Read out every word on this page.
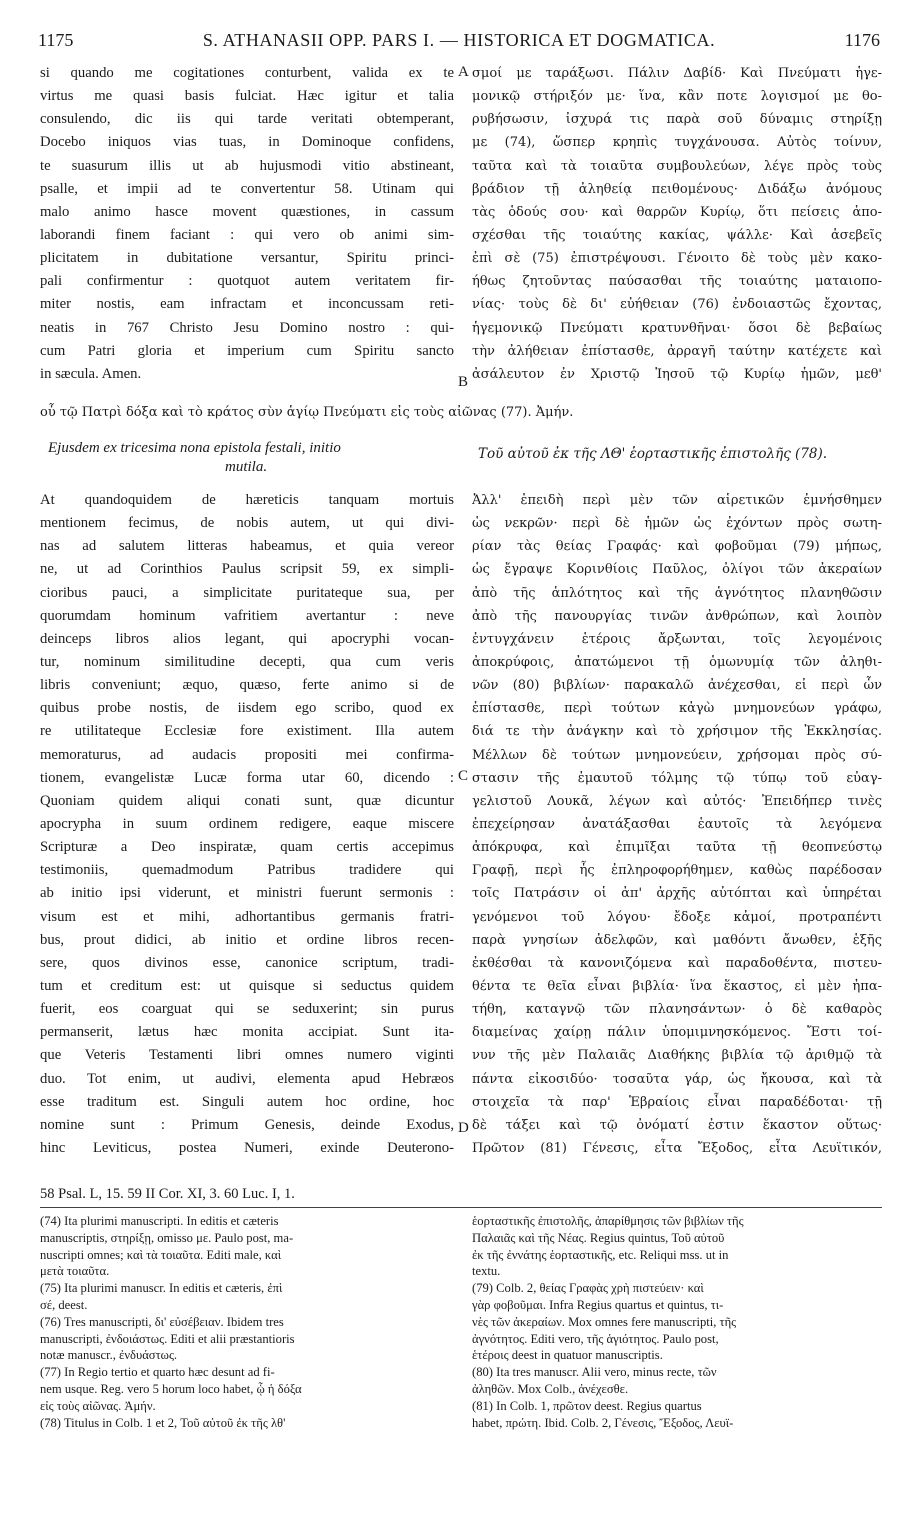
1175	S. ATHANASII OPP. PARS I. — HISTORICA ET DOGMATICA.	1176
si quando me cogitationes conturbent, valida ex te
virtus me quasi basis fulciat. Hæc igitur et talia
consulendo, dic iis qui tarde veritati obtemperant,
Docebo iniquos vias tuas, in Dominoque confidens,
te suasurum illis ut ab hujusmodi vitio abstineant,
psalle, et impii ad te convertentur 58. Utinam qui
malo animo hasce movent quæstiones, in cassum
laborandi finem faciant : qui vero ob animi sim-
plicitatem in dubitatione versantur, Spiritu princi-
pali confirmentur : quotquot autem veritatem fir-
miter nostis, eam infractam et inconcussam reti-
neatis in 767 Christo Jesu Domino nostro : qui-
cum Patri gloria et imperium cum Spiritu sancto
in sæcula. Amen.
σμοί με ταράξωσι. Πάλιν Δαβίδ· Καὶ Πνεύματι ἡγε-
μονικῷ στήριξόν με· ἵνα, κἂν ποτε λογισμοί με θο-
ρυβήσωσιν, ἰσχυρά τις παρὰ σοῦ δύναμις στηρίξῃ
με (74), ὥσπερ κρηπὶς τυγχάνουσα. Αὐτὸς τοίνυν,
ταῦτα καὶ τὰ τοιαῦτα συμβουλεύων, λέγε πρὸς τοὺς
βράδιον τῇ ἀληθείᾳ πειθομένους· Διδάξω ἀνόμους
τὰς ὁδούς σου· καὶ θαρρῶν Κυρίῳ, ὅτι πείσεις ἀπο-
σχέσθαι τῆς τοιαύτης κακίας, ψάλλε· Καὶ ἀσεβεῖς
ἐπὶ σὲ (75) ἐπιστρέψουσι. Γένοιτο δὲ τοὺς μὲν κακο-
ήθως ζητοῦντας παύσασθαι τῆς τοιαύτης ματαιοπο-
νίας· τοὺς δὲ δι' εὐήθειαν (76) ἐνδοιαστῶς ἔχοντας,
ἡγεμονικῷ Πνεύματι κρατυνθῆναι· ὅσοι δὲ βεβαίως
τὴν ἀλήθειαν ἐπίστασθε, ἀρραγῆ ταύτην κατέχετε καὶ
ἀσάλευτον ἐν Χριστῷ Ἰησοῦ τῷ Κυρίῳ ἡμῶν, μεθ'
A
B
C
D
οὗ τῷ Πατρὶ δόξα καὶ τὸ κράτος σὺν ἁγίῳ Πνεύματι εἰς τοὺς αἰῶνας (77). Ἀμήν.
Ejusdem ex tricesima nona epistola festali, initio
mutila.
Τοῦ αὐτοῦ ἐκ τῆς ΛΘ' ἑορταστικῆς ἐπιστολῆς (78).
At quandoquidem de hæreticis tanquam mortuis
mentionem fecimus, de nobis autem, ut qui divi-
nas ad salutem litteras habeamus, et quia vereor
ne, ut ad Corinthios Paulus scripsit 59, ex simpli-
cioribus pauci, a simplicitate puritateque sua, per
quorumdam hominum vafritiem avertantur : neve
deinceps libros alios legant, qui apocryphi vocan-
tur, nominum similitudine decepti, qua cum veris
libris conveniunt; æquo, quæso, ferte animo si de
quibus probe nostis, de iisdem ego scribo, quod ex
re utilitateque Ecclesiæ fore existiment. Illa autem
memoraturus, ad audacis propositi mei confirma-
tionem, evangelistæ Lucæ forma utar 60, dicendo :
Quoniam quidem aliqui conati sunt, quæ dicuntur
apocrypha in suum ordinem redigere, eaque miscere
Scripturæ a Deo inspiratæ, quam certis accepimus
testimoniis, quemadmodum Patribus tradidere qui
ab initio ipsi viderunt, et ministri fuerunt sermonis :
visum est et mihi, adhortantibus germanis fratri-
bus, prout didici, ab initio et ordine libros recen-
sere, quos divinos esse, canonice scriptum, tradi-
tum et creditum est: ut quisque si seductus quidem
fuerit, eos coarguat qui se seduxerint; sin purus
permanserit, lætus hæc monita accipiat. Sunt ita-
que Veteris Testamenti libri omnes numero viginti
duo. Tot enim, ut audivi, elementa apud Hebræos
esse traditum est. Singuli autem hoc ordine, hoc
nomine sunt : Primum Genesis, deinde Exodus,
hinc Leviticus, postea Numeri, exinde Deuterono-
Ἀλλ' ἐπειδὴ περὶ μὲν τῶν αἱρετικῶν ἐμνήσθημεν
ὡς νεκρῶν· περὶ δὲ ἡμῶν ὡς ἐχόντων πρὸς σωτη-
ρίαν τὰς θείας Γραφάς· καὶ φοβοῦμαι (79) μήπως,
ὡς ἔγραψε Κορινθίοις Παῦλος, ὀλίγοι τῶν ἀκεραίων
ἀπὸ τῆς ἁπλότητος καὶ τῆς ἁγνότητος πλανηθῶσιν
ἀπὸ τῆς πανουργίας τινῶν ἀνθρώπων, καὶ λοιπὸν
ἐντυγχάνειν ἑτέροις ἄρξωνται, τοῖς λεγομένοις
ἀποκρύφοις, ἀπατώμενοι τῇ ὁμωνυμίᾳ τῶν ἀληθι-
νῶν (80) βιβλίων· παρακαλῶ ἀνέχεσθαι, εἰ περὶ ὧν
ἐπίστασθε, περὶ τούτων κἀγὼ μνημονεύων γράφω,
διά τε τὴν ἀνάγκην καὶ τὸ χρήσιμον τῆς Ἐκκλησίας.
Μέλλων δὲ τούτων μνημονεύειν, χρήσομαι πρὸς σύ-
στασιν τῆς ἐμαυτοῦ τόλμης τῷ τύπῳ τοῦ εὐαγ-
γελιστοῦ Λουκᾶ, λέγων καὶ αὐτός· Ἐπειδήπερ τινὲς
ἐπεχείρησαν ἀνατάξασθαι ἑαυτοῖς τὰ λεγόμενα
ἀπόκρυφα, καὶ ἐπιμῖξαι ταῦτα τῇ θεοπνεύστῳ
Γραφῇ, περὶ ἧς ἐπληροφορήθημεν, καθὼς παρέδοσαν
τοῖς Πατράσιν οἱ ἀπ' ἀρχῆς αὐτόπται καὶ ὑπηρέται
γενόμενοι τοῦ λόγου· ἔδοξε κἀμοί, προτραπέντι
παρὰ γνησίων ἀδελφῶν, καὶ μαθόντι ἄνωθεν, ἑξῆς
ἐκθέσθαι τὰ κανονιζόμενα καὶ παραδοθέντα, πιστευ-
θέντα τε θεῖα εἶναι βιβλία· ἵνα ἕκαστος, εἰ μὲν ἠπα-
τήθη, καταγνῷ τῶν πλανησάντων· ὁ δὲ καθαρὸς
διαμείνας χαίρῃ πάλιν ὑπομιμνησκόμενος. Ἔστι τοί-
νυν τῆς μὲν Παλαιᾶς Διαθήκης βιβλία τῷ ἀριθμῷ τὰ
πάντα εἰκοσιδύο· τοσαῦτα γάρ, ὡς ἤκουσα, καὶ τὰ
στοιχεῖα τὰ παρ' Ἑβραίοις εἶναι παραδέδοται· τῇ
δὲ τάξει καὶ τῷ ὀνόματί ἐστιν ἕκαστον οὕτως·
Πρῶτον (81) Γένεσις, εἶτα Ἔξοδος, εἶτα Λευϊτικόν,
58 Psal. L, 15. 59 II Cor. XI, 3. 60 Luc. I, 1.
(74) Ita plurimi manuscripti. In editis et cæteris
manuscriptis, στηρίξῃ, omisso με. Paulo post, ma-
nuscripti omnes; καὶ τὰ τοιαῦτα. Editi male, καὶ
μετὰ τοιαῦτα.
(75) Ita plurimi manuscr. In editis et cæteris, ἐπὶ
σέ, deest.
(76) Tres manuscripti, δι' εὐσέβειαν. Ibidem tres
manuscripti, ἐνδοιάστως. Editi et alii præstantioris
notæ manuscr., ἐνδυάστως.
(77) In Regio tertio et quarto hæc desunt ad fi-
nem usque. Reg. vero 5 horum loco habet, ᾧ ἡ δόξα
εἰς τοὺς αἰῶνας. Ἀμήν.
(78) Titulus in Colb. 1 et 2, Τοῦ αὐτοῦ ἐκ τῆς λθ'
ἑορταστικῆς ἐπιστολῆς, ἀπαρίθμησις τῶν βιβλίων τῆς
Παλαιᾶς καὶ τῆς Νέας. Regius quintus, Τοῦ αὐτοῦ
ἐκ τῆς ἐννάτης ἑορταστικῆς, etc. Reliqui mss. ut in
textu.
(79) Colb. 2, θείας Γραφὰς χρὴ πιστεύειν· καὶ
γὰρ φοβοῦμαι. Infra Regius quartus et quintus, τι-
νὲς τῶν ἀκεραίων. Mox omnes fere manuscripti, τῆς
ἀγνότητος. Editi vero, τῆς ἁγιότητος. Paulo post,
ἑτέροις deest in quatuor manuscriptis.
(80) Ita tres manuscr. Alii vero, minus recte, τῶν
ἀληθῶν. Mox Colb., ἀνέχεσθε.
(81) In Colb. 1, πρῶτον deest. Regius quartus
habet, πρώτη. Ibid. Colb. 2, Γένεσις, Ἔξοδος, Λευϊ-
